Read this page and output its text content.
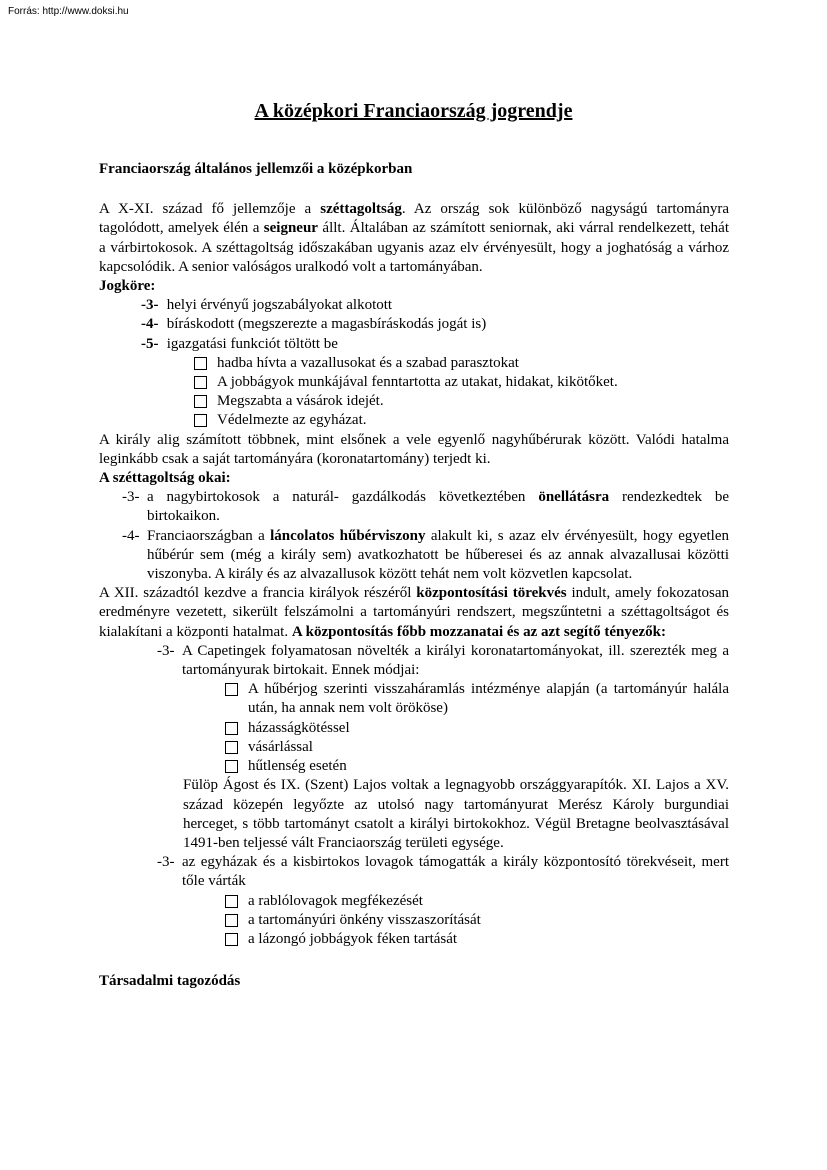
Forrás: http://www.doksi.hu
A középkori Franciaország jogrendje

Franciaország általános jellemzői a középkorban

A X-XI. század fő jellemzője a széttagoltság. Az ország sok különböző nagyságú tartományra tagolódott, amelyek élén a seigneur állt. Általában az számított seniornak, aki várral rendelkezett, tehát a várbirtokosok. A széttagoltság időszakában ugyanis azaz elv érvényesült, hogy a joghatóság a várhoz kapcsolódik. A senior valóságos uralkodó volt a tartományában.

Jogköre:

-3- helyi érvényű jogszabályokat alkotott

-4- bíráskodott (megszerezte a magasbíráskodás jogát is)

-5- igazgatási funkciót töltött be

hadba hívta a vazallusokat és a szabad parasztokat

A jobbágyok munkájával fenntartotta az utakat, hidakat, kikötőket.

Megszabta a vásárok idejét.

Védelmezte az egyházat.

A király alig számított többnek, mint elsőnek a vele egyenlő nagyhűbérurak között. Valódi hatalma leginkább csak a saját tartományára (koronatartomány) terjedt ki.

A széttagoltság okai:

-3- a nagybirtokosok a naturál- gazdálkodás következtében önellátásra rendezkedtek be birtokaikon.
-4- Franciaországban a láncolatos hűbérviszony alakult ki, s azaz elv érvényesült, hogy egyetlen hűbérúr sem (még a király sem) avatkozhatott be hűberesei és az annak alvazallusai közötti viszonyba. A király és az alvazallusok között tehát nem volt közvetlen kapcsolat.

A XII. századtól kezdve a francia királyok részéről központosítási törekvés indult, amely fokozatosan eredményre vezetett, sikerült felszámolni a tartományúri rendszert, megszűntetni a széttagoltságot és kialakítani a központi hatalmat. A központosítás főbb mozzanatai és az azt segítő tényezők:

-3- A Capetingek folyamatosan növelték a királyi koronatartományokat, ill. szerezték meg a tartományurak birtokait. Ennek módjai:
A hűbérjog szerinti visszaháramlás intézménye alapján (a tartományúr halála után, ha annak nem volt örököse)
házasságkötéssel
vásárlással
hűtlenség esetén

Fülöp Ágost és IX. (Szent) Lajos voltak a legnagyobb országgyarapítók. XI. Lajos a XV. század közepén legyőzte az utolsó nagy tartományurat Merész Károly burgundiai herceget, s több tartományt csatolt a királyi birtokokhoz. Végül Bretagne beolvasztásával 1491-ben teljessé vált Franciaország területi egysége.

-3- az egyházak és a kisbirtokos lovagok támogatták a király központosító törekvéseit, mert tőle várták
a rablólovagok megfékezését
a tartományúri önkény visszaszorítását
a lázongó jobbágyok féken tartását

Társadalmi tagozódás
